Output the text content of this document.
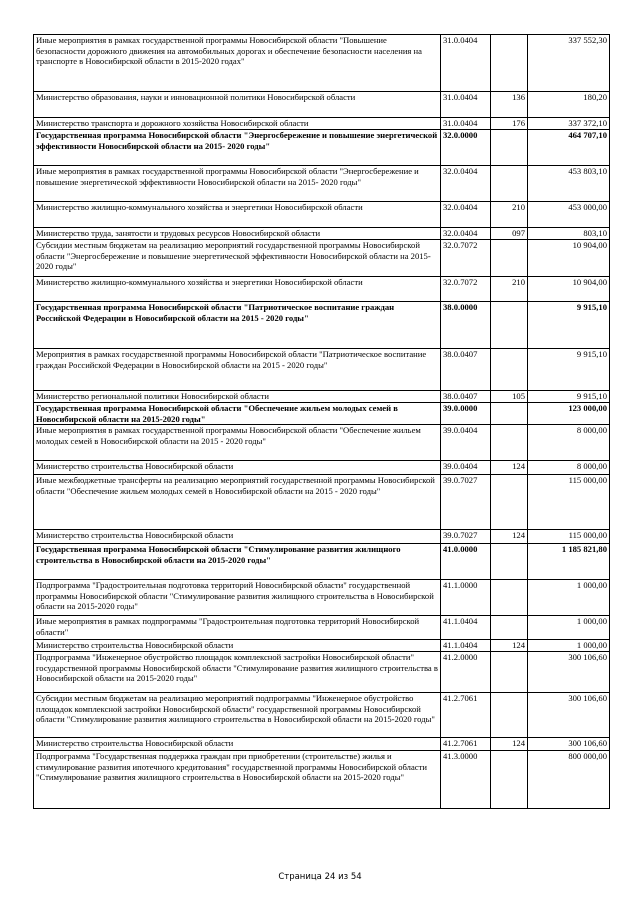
Иные мероприятия в рамках государственной программы Новосибирской области "Повышение безопасности дорожного движения на автомобильных дорогах и обеспечение безопасности населения на транспорте в Новосибирской области в 2015-2020 годах"	31.0.0404		337 552,30
Министерство образования, науки и инновационной политики Новосибирской области	31.0.0404	136	180,20
Министерство транспорта и дорожного хозяйства Новосибирской области	31.0.0404	176	337 372,10
Государственная программа Новосибирской области "Энергосбережение и повышение энергетической эффективности Новосибирской области на 2015- 2020 годы"	32.0.0000		464 707,10
Иные мероприятия в рамках государственной программы Новосибирской области "Энергосбережение и повышение энергетической эффективности Новосибирской области на 2015- 2020 годы"	32.0.0404		453 803,10
Министерство жилищно-коммунального хозяйства и энергетики Новосибирской области	32.0.0404	210	453 000,00
Министерство труда, занятости и трудовых ресурсов Новосибирской области	32.0.0404	097	803,10
Субсидии местным бюджетам на реализацию мероприятий государственной программы Новосибирской области "Энергосбережение и повышение энергетической эффективности Новосибирской области на 2015-2020 годы"	32.0.7072		10 904,00
Министерство жилищно-коммунального хозяйства и энергетики Новосибирской области	32.0.7072	210	10 904,00
Государственная программа Новосибирской области "Патриотическое воспитание граждан Российской Федерации в Новосибирской области на 2015 - 2020 годы"	38.0.0000		9 915,10
Мероприятия в рамках государственной программы Новосибирской области "Патриотическое воспитание граждан Российской Федерации в Новосибирской области на 2015 - 2020 годы"	38.0.0407		9 915,10
Министерство региональной политики Новосибирской области	38.0.0407	105	9 915,10
Государственная программа Новосибирской области "Обеспечение жильем молодых семей в Новосибирской области на 2015-2020 годы"	39.0.0000		123 000,00
Иные мероприятия в рамках государственной программы Новосибирской области "Обеспечение жильем молодых семей в Новосибирской области на 2015 - 2020 годы"	39.0.0404		8 000,00
Министерство строительства Новосибирской области	39.0.0404	124	8 000,00
Иные межбюджетные трансферты на реализацию мероприятий государственной программы Новосибирской области "Обеспечение жильем молодых семей в Новосибирской области на 2015 - 2020 годы"	39.0.7027		115 000,00
Министерство строительства Новосибирской области	39.0.7027	124	115 000,00
Государственная программа Новосибирской области "Стимулирование развития жилищного строительства в Новосибирской области на 2015-2020 годы"	41.0.0000		1 185 821,80
Подпрограмма "Градостроительная подготовка территорий Новосибирской области" государственной программы Новосибирской области "Стимулирование развития жилищного строительства в Новосибирской области на 2015-2020 годы"	41.1.0000		1 000,00
Иные мероприятия в рамках подпрограммы "Градостроительная подготовка территорий Новосибирской области"	41.1.0404		1 000,00
Министерство строительства Новосибирской области	41.1.0404	124	1 000,00
Подпрограмма "Инженерное обустройство площадок комплексной застройки Новосибирской области" государственной программы Новосибирской области "Стимулирование развития жилищного строительства в Новосибирской области на 2015-2020 годы"	41.2.0000		300 106,60
Субсидии местным бюджетам на реализацию мероприятий подпрограммы "Инженерное обустройство площадок комплексной застройки Новосибирской области" государственной программы Новосибирской области "Стимулирование развития жилищного строительства в Новосибирской области на 2015-2020 годы"	41.2.7061		300 106,60
Министерство строительства Новосибирской области	41.2.7061	124	300 106,60
Подпрограмма "Государственная поддержка граждан при приобретении (строительстве) жилья и стимулирование развития ипотечного кредитования" государственной программы Новосибирской области "Стимулирование развития жилищного строительства в Новосибирской области на 2015-2020 годы"	41.3.0000		800 000,00
Страница 24 из 54
